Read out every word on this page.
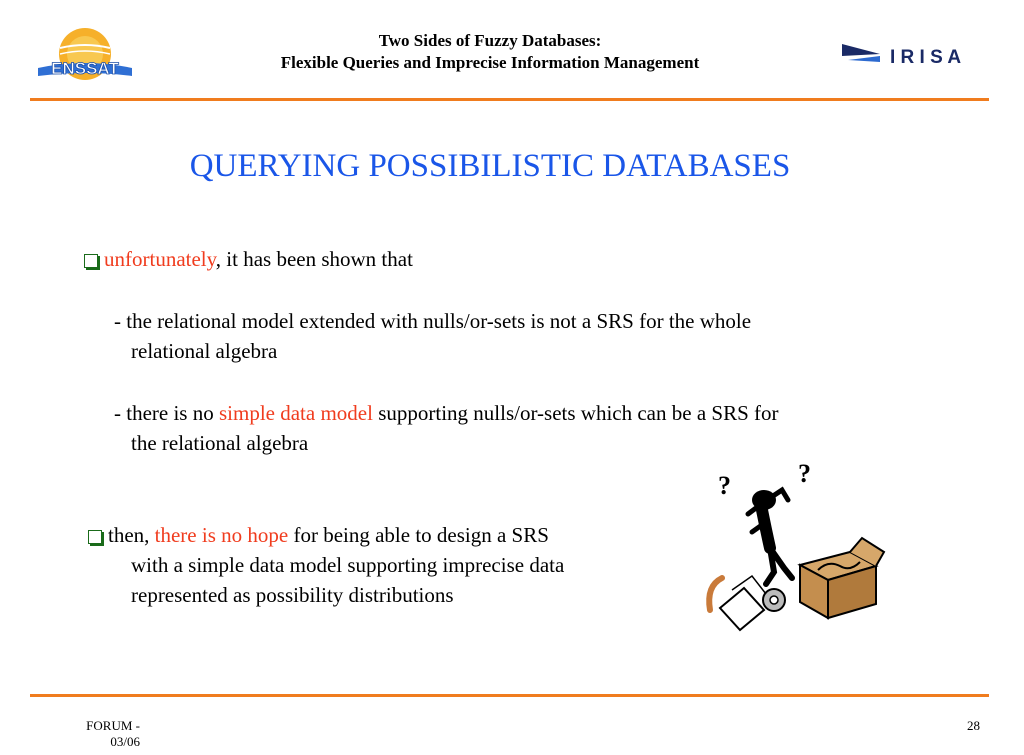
ENSSAT
Two Sides of Fuzzy Databases:
Flexible Queries and Imprecise Information Management	I R I S A
QUERYING POSSIBILISTIC DATABASES
unfortunately, it has been shown that
- the relational model extended with nulls/or-sets is not a SRS for the whole
relational algebra
- there is no simple data model supporting nulls/or-sets which can be a SRS for
the relational algebra
then, there is no hope for being able to design a SRS
with a simple data model supporting imprecise data
represented as possibility distributions
?	?
FORUM -
03/06
28
